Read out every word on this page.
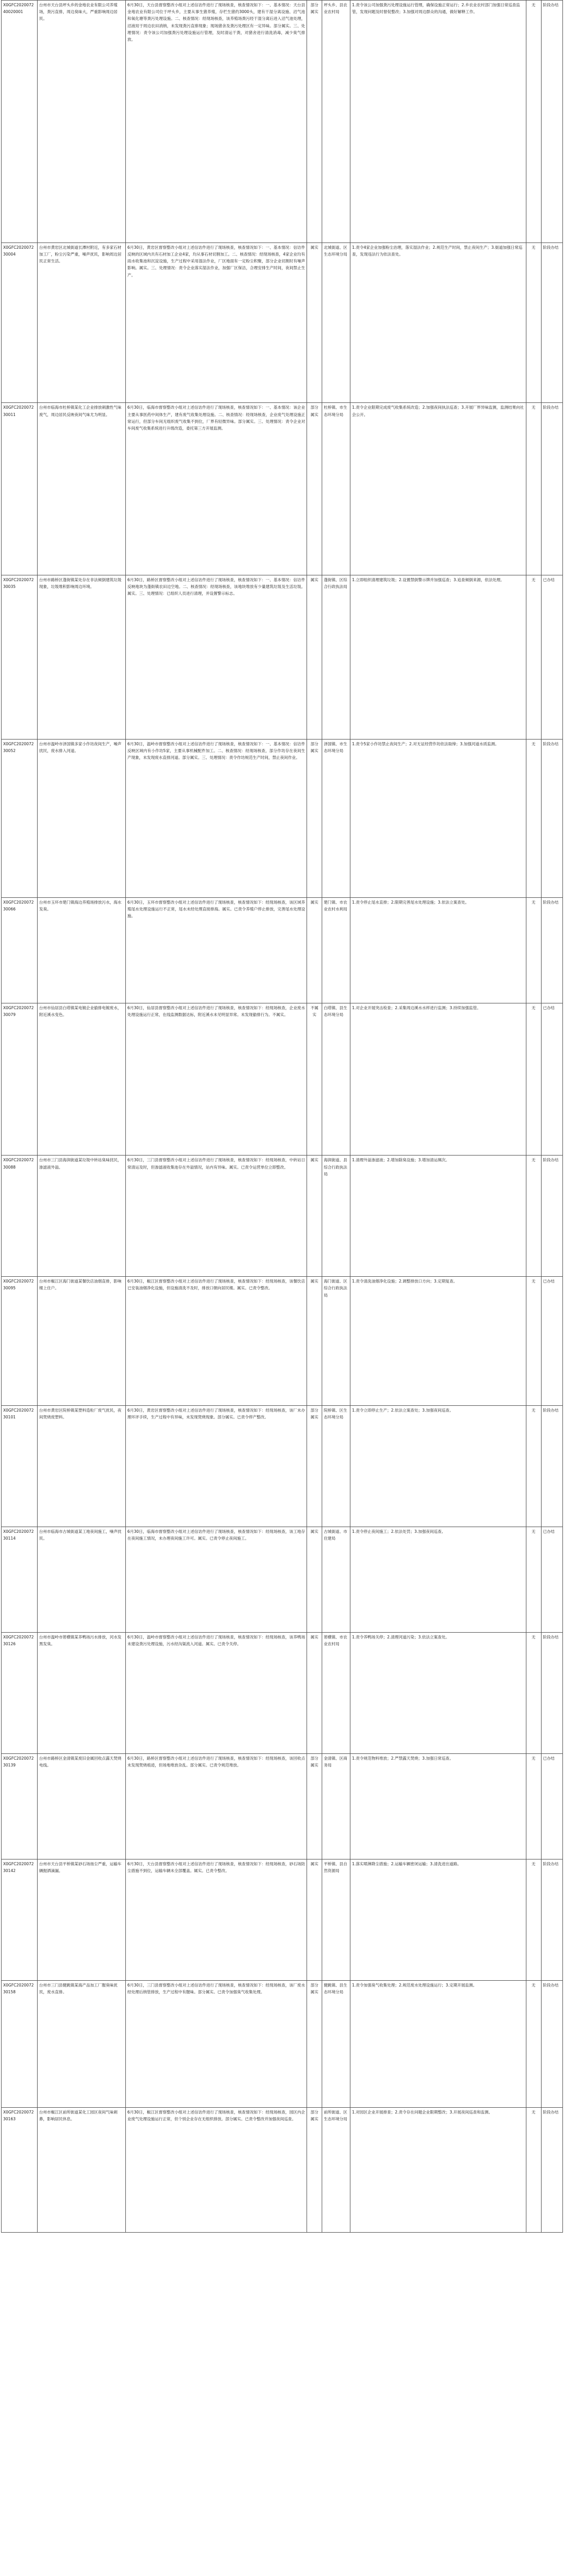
X0GFC202007240020001	台州市天台县坪头乡的金地农业有限公司养殖场，粪污直排，周边臭味大，严重影响周边居民。	6月30日，天台县督察整改小组对上述信访件进行了现场核查，核查情况如下：一、基本情况：天台县金地农业有限公司位于坪头乡，主要从事生猪养殖，存栏生猪约3000头，建有干湿分离设施、沼气池和氧化塘等粪污处理设施。二、核查情况：经现场核查，该养殖场粪污经干湿分离后进入沼气池处理，沼液用于周边农田消纳，未发现粪污直排现象；现场猪舍及粪污处理区有一定异味。部分属实。三、处理情况：责令该公司加强粪污处理设施运行管理，及时清运干粪，对猪舍进行清洗消毒，减少臭气排放。	部分属实	坪头乡、县农业农村局	1.责令该公司加强粪污处理设施运行管理，确保设施正常运行；2.乡农业农村部门加强日常巡查监管，发现问题及时督促整改；3.加强对周边群众的沟通，做好解释工作。	无	阶段办结

X0GFC202007230004	台州市黄岩区北城街道长潭村附近，有多家石材加工厂，粉尘污染严重，噪声扰民，影响周边居民正常生活。	6月30日，黄岩区督察整改小组对上述信访件进行了现场核查，核查情况如下：一、基本情况：信访件反映的区域内共有石材加工企业4家，均从事石材切割加工。二、核查情况：经现场核查，4家企业均有雨水收集池和沉淀设施，生产过程中采用湿法作业，厂区地面有一定粉尘积聚，部分企业切割时有噪声影响。属实。三、处理情况：责令企业落实湿法作业，加强厂区保洁，合理安排生产时间，夜间禁止生产。	属实	北城街道、区生态环境分局	1.责令4家企业加强粉尘治理，落实湿法作业；2.规范生产时间，禁止夜间生产；3.街道加强日常巡查，发现违法行为依法查处。	无	阶段办结

X0GFC202007230011	台州市临海市杜桥镇某化工企业排放刺激性气味废气，周边居民反映夜间气味尤为明显。	6月30日，临海市督察整改小组对上述信访件进行了现场核查，核查情况如下：一、基本情况：该企业主要从事医药中间体生产，建有废气收集处理设施。二、核查情况：经现场核查，企业废气处理设施正常运行，但部分车间无组织废气收集不到位，厂界有轻微异味。部分属实。三、处理情况：责令企业对车间废气收集系统进行升级改造，委托第三方开展监测。	部分属实	杜桥镇、市生态环境分局	1.责令企业限期完成废气收集系统改造；2.加强夜间执法巡查；3.开展厂界异味监测，监测结果向社会公开。	无	阶段办结

X0GFC202007230035	台州市路桥区蓬街镇某处存在非法倾倒建筑垃圾现象，垃圾堆积影响周边环境。	6月30日，路桥区督察整改小组对上述信访件进行了现场核查，核查情况如下：一、基本情况：信访件反映地块为蓬街镇农田边空地。二、核查情况：经现场核查，该地块堆放有少量建筑垃圾及生活垃圾。属实。三、处理情况：已组织人员进行清理，并设置警示标志。	属实	蓬街镇、区综合行政执法局	1.立即组织清理建筑垃圾；2.设置禁倒警示牌并加强巡查；3.追查倾倒来源，依法处理。	无	已办结

X0GFC202007230052	台州市温岭市泽国镇多家小作坊夜间生产，噪声扰民，废水排入河道。	6月30日，温岭市督察整改小组对上述信访件进行了现场核查，核查情况如下：一、基本情况：信访件反映区域内有小作坊5家，主要从事机械配件加工。二、核查情况：经现场核查，部分作坊存在夜间生产现象，未发现废水直排河道。部分属实。三、处理情况：责令作坊规范生产时间，禁止夜间作业。	部分属实	泽国镇、市生态环境分局	1.责令5家小作坊禁止夜间生产；2.对无证经营作坊依法取缔；3.加强河道水质监测。	无	阶段办结

X0GFC202007230066	台州市玉环市楚门镇海边养殖场排放污水，海水发臭。	6月30日，玉环市督察整改小组对上述信访件进行了现场核查，核查情况如下：经现场核查，该区域养殖尾水处理设施运行不正常，尾水未经处理直接排海。属实。已责令养殖户停止排放，完善尾水处理设施。	属实	楚门镇、市农业农村水利局	1.责令停止尾水直排；2.限期完善尾水处理设施；3.依法立案查处。	无	阶段办结

X0GFC202007230079	台州市仙居县白塔镇某电镀企业偷排电镀废水，附近溪水变色。	6月30日，仙居县督察整改小组对上述信访件进行了现场核查，核查情况如下：经现场核查，企业废水处理设施运行正常，在线监测数据达标，附近溪水未见明显异常。未发现偷排行为。不属实。	不属实	白塔镇、县生态环境分局	1.对企业开展突击检查；2.采集周边溪水水样进行监测；3.持续加强监管。	无	已办结

X0GFC202007230088	台州市三门县海润街道某垃圾中转站臭味扰民，渗滤液外溢。	6月30日，三门县督察整改小组对上述信访件进行了现场核查，核查情况如下：经现场核查，中转站日常清运及时，但渗滤液收集池存在外溢情况，站内有异味。属实。已责令运营单位立即整改。	属实	海润街道、县综合行政执法局	1.清理外溢渗滤液；2.增加除臭设施；3.增加清运频次。	无	阶段办结

X0GFC202007230095	台州市椒江区海门街道某餐饮店油烟直排，影响楼上住户。	6月30日，椒江区督察整改小组对上述信访件进行了现场核查，核查情况如下：经现场核查，该餐饮店已安装油烟净化设施，但设施清洗不及时，排放口朝向居民楼。属实。已责令整改。	属实	海门街道、区综合行政执法局	1.责令清洗油烟净化设施；2.调整排放口方向；3.定期复查。	无	已办结

X0GFC202007230101	台州市黄岩区院桥镇某塑料造粒厂废气扰民，夜间焚烧废塑料。	6月30日，黄岩区督察整改小组对上述信访件进行了现场核查，核查情况如下：经现场核查，该厂未办理环评手续，生产过程中有异味，未发现焚烧现象。部分属实。已责令停产整改。	部分属实	院桥镇、区生态环境分局	1.责令立即停止生产；2.依法立案查处；3.加强夜间巡查。	无	阶段办结

X0GFC202007230114	台州市临海市古城街道某工地夜间施工，噪声扰民。	6月30日，临海市督察整改小组对上述信访件进行了现场核查，核查情况如下：经现场核查，该工地存在夜间施工情况，未办理夜间施工许可。属实。已责令停止夜间施工。	属实	古城街道、市住建局	1.责令停止夜间施工；2.依法处罚；3.加强夜间巡查。	无	已办结

X0GFC202007230126	台州市温岭市箬横镇某养鸭场污水排放，河水发黑发臭。	6月30日，温岭市督察整改小组对上述信访件进行了现场核查，核查情况如下：经现场核查，该养鸭场未建设粪污处理设施，污水经沟渠流入河道。属实。已责令关停。	属实	箬横镇、市农业农村局	1.责令养鸭场关停；2.清理河道污染；3.依法立案查处。	无	阶段办结

X0GFC202007230139	台州市路桥区金清镇某废旧金属回收点露天焚烧电线。	6月30日，路桥区督察整改小组对上述信访件进行了现场核查，核查情况如下：经现场核查，该回收点未发现焚烧痕迹，但场地堆放杂乱。部分属实。已责令规范堆放。	部分属实	金清镇、区商务局	1.责令规范物料堆放；2.严禁露天焚烧；3.加强日常巡查。	无	已办结

X0GFC202007230142	台州市天台县平桥镇某砂石场扬尘严重，运输车辆抛洒滴漏。	6月30日，天台县督察整改小组对上述信访件进行了现场核查，核查情况如下：经现场核查，砂石场防尘措施不到位，运输车辆未全部覆盖。属实。已责令整改。	属实	平桥镇、县自然资源局	1.落实喷淋降尘措施；2.运输车辆密闭运输；3.清洗进出道路。	无	阶段办结

X0GFC202007230158	台州市三门县健跳镇某海产品加工厂腥臭味扰民，废水直排。	6月30日，三门县督察整改小组对上述信访件进行了现场核查，核查情况如下：经现场核查，该厂废水经处理后纳管排放，生产过程中有腥味。部分属实。已责令加强臭气收集处理。	部分属实	健跳镇、县生态环境分局	1.责令加强臭气收集处理；2.规范废水处理设施运行；3.定期开展监测。	无	阶段办结

X0GFC202007230163	台州市椒江区前所街道某化工园区夜间气味刺鼻，影响居民休息。	6月30日，椒江区督察整改小组对上述信访件进行了现场核查，核查情况如下：经现场核查，园区内企业废气处理设施运行正常，但个别企业存在无组织排放。部分属实。已责令整改并加强夜间巡查。	部分属实	前所街道、区生态环境分局	1.对园区企业开展排查；2.责令存在问题企业限期整改；3.开展夜间巡查和监测。	无	阶段办结
